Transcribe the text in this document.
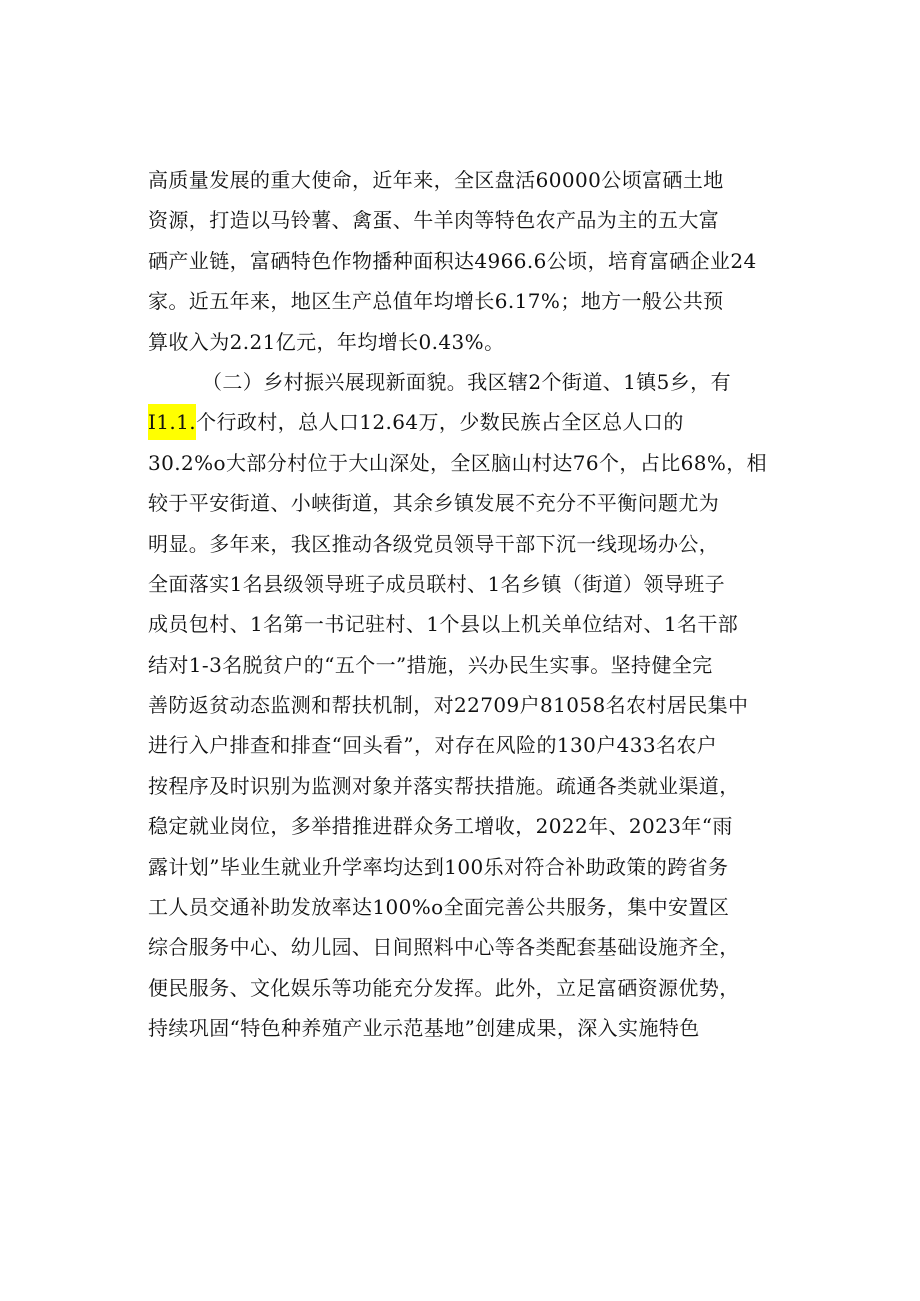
高质量发展的重大使命，近年来，全区盘活60000公顷富硒土地
资源，打造以马铃薯、禽蛋、牛羊肉等特色农产品为主的五大富
硒产业链，富硒特色作物播种面积达4966.6公顷，培育富硒企业24
家。近五年来，地区生产总值年均增长6.17%；地方一般公共预
算收入为2.21亿元，年均增长0.43%。
（二）乡村振兴展现新面貌。我区辖2个街道、1镇5乡，有
I1.1.个行政村，总人口12.64万，少数民族占全区总人口的
30.2%o大部分村位于大山深处，全区脑山村达76个，占比68%，相
较于平安街道、小峡街道，其余乡镇发展不充分不平衡问题尤为
明显。多年来，我区推动各级党员领导干部下沉一线现场办公，
全面落实1名县级领导班子成员联村、1名乡镇（街道）领导班子
成员包村、1名第一书记驻村、1个县以上机关单位结对、1名干部
结对1-3名脱贫户的“五个一”措施，兴办民生实事。坚持健全完
善防返贫动态监测和帮扶机制，对22709户81058名农村居民集中
进行入户排查和排查“回头看”，对存在风险的130户433名农户
按程序及时识别为监测对象并落实帮扶措施。疏通各类就业渠道，
稳定就业岗位，多举措推进群众务工增收，2022年、2023年“雨
露计划”毕业生就业升学率均达到100乐对符合补助政策的跨省务
工人员交通补助发放率达100%o全面完善公共服务，集中安置区
综合服务中心、幼儿园、日间照料中心等各类配套基础设施齐全，
便民服务、文化娱乐等功能充分发挥。此外，立足富硒资源优势，
持续巩固“特色种养殖产业示范基地”创建成果，深入实施特色
